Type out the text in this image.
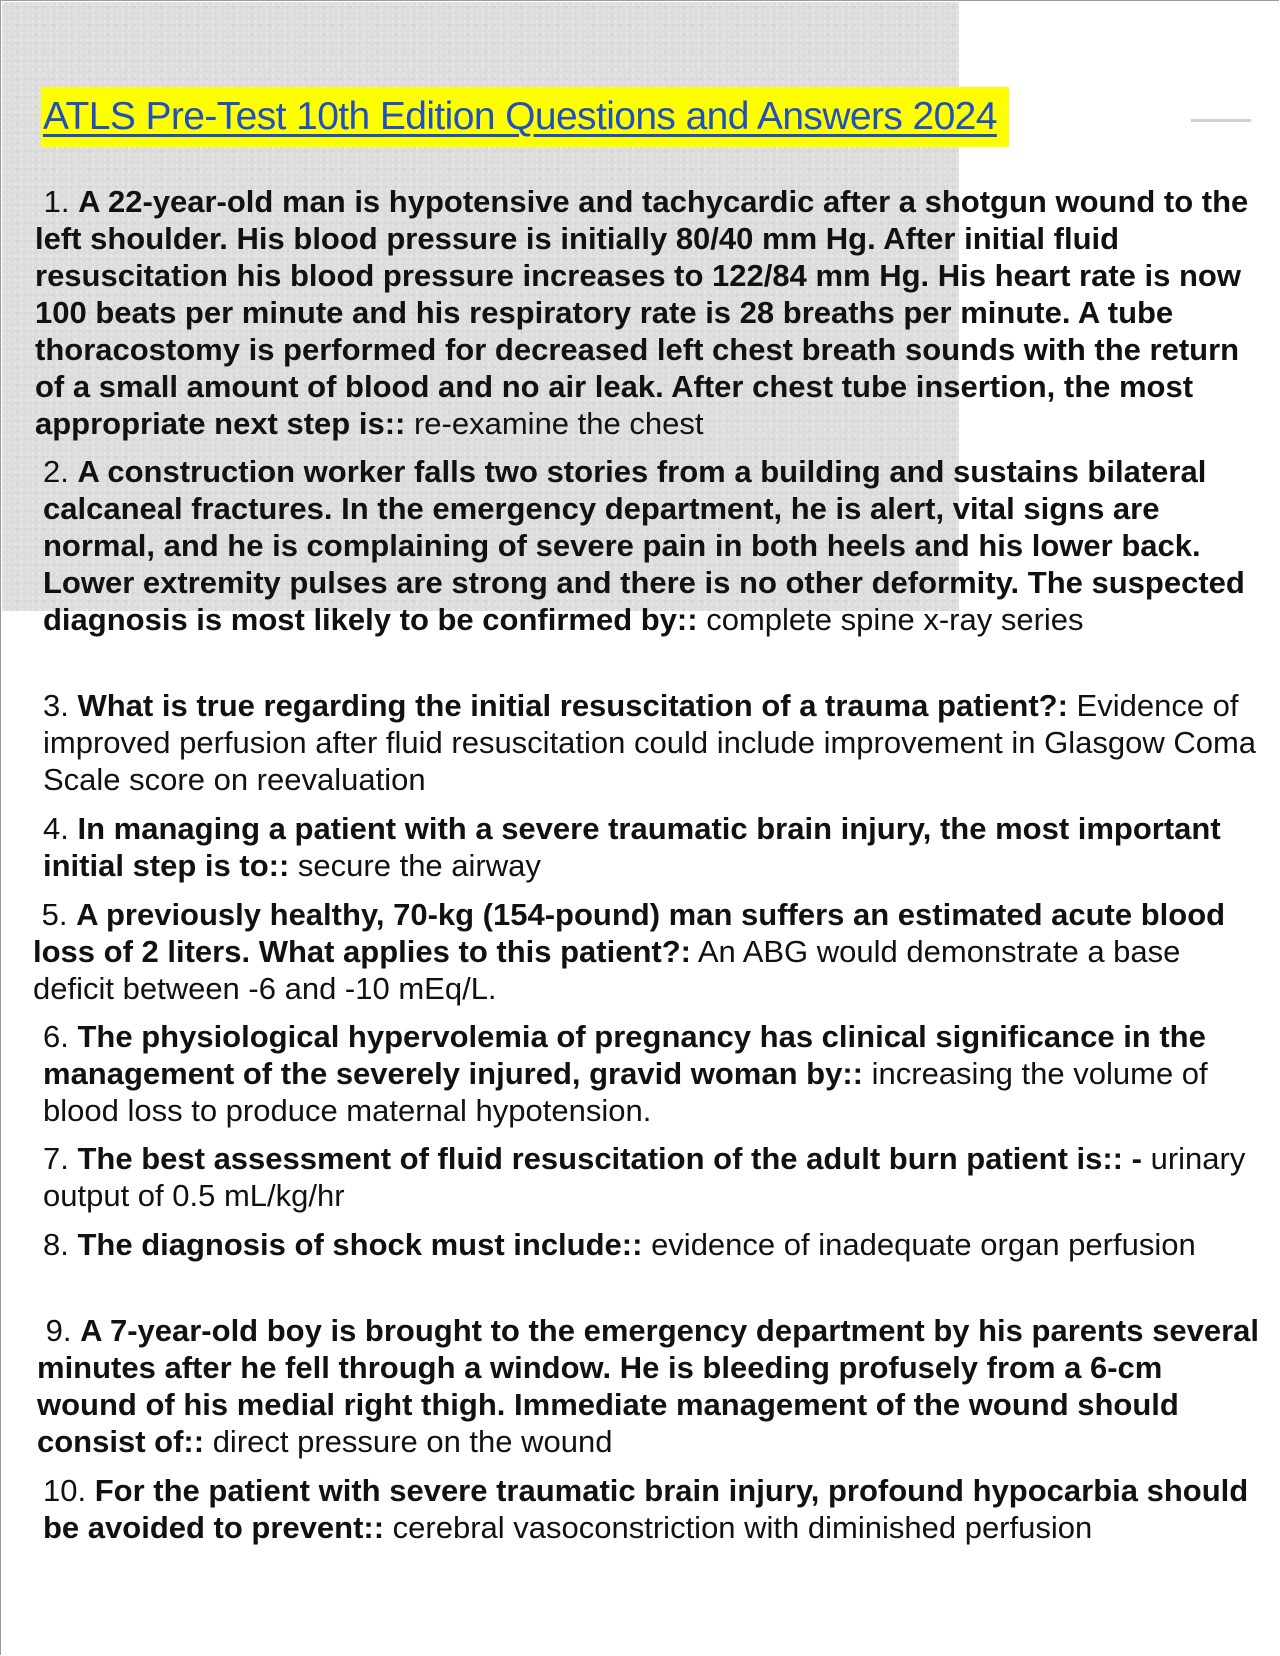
ATLS Pre-Test 10th Edition Questions and Answers 2024

1. A 22-year-old man is hypotensive and tachycardic after a shotgun wound to the left shoulder. His blood pressure is initially 80/40 mm Hg. After initial fluid resuscitation his blood pressure increases to 122/84 mm Hg. His heart rate is now 100 beats per minute and his respiratory rate is 28 breaths per minute. A tube thoracostomy is performed for decreased left chest breath sounds with the return of a small amount of blood and no air leak. After chest tube insertion, the most appropriate next step is:: re-examine the chest

2. A construction worker falls two stories from a building and sustains bilateral calcaneal fractures. In the emergency department, he is alert, vital signs are normal, and he is complaining of severe pain in both heels and his lower back. Lower extremity pulses are strong and there is no other deformity. The suspected diagnosis is most likely to be confirmed by:: complete spine x-ray series

3. What is true regarding the initial resuscitation of a trauma patient?: Evidence of improved perfusion after fluid resuscitation could include improvement in Glasgow Coma Scale score on reevaluation

4. In managing a patient with a severe traumatic brain injury, the most important initial step is to:: secure the airway

5. A previously healthy, 70-kg (154-pound) man suffers an estimated acute blood loss of 2 liters. What applies to this patient?: An ABG would demonstrate a base deficit between -6 and -10 mEq/L.

6. The physiological hypervolemia of pregnancy has clinical significance in the management of the severely injured, gravid woman by:: increasing the volume of blood loss to produce maternal hypotension.

7. The best assessment of fluid resuscitation of the adult burn patient is:: - urinary output of 0.5 mL/kg/hr

8. The diagnosis of shock must include:: evidence of inadequate organ perfusion

9. A 7-year-old boy is brought to the emergency department by his parents several minutes after he fell through a window. He is bleeding profusely from a 6-cm wound of his medial right thigh. Immediate management of the wound should consist of:: direct pressure on the wound

10. For the patient with severe traumatic brain injury, profound hypocarbia should be avoided to prevent:: cerebral vasoconstriction with diminished perfusion
